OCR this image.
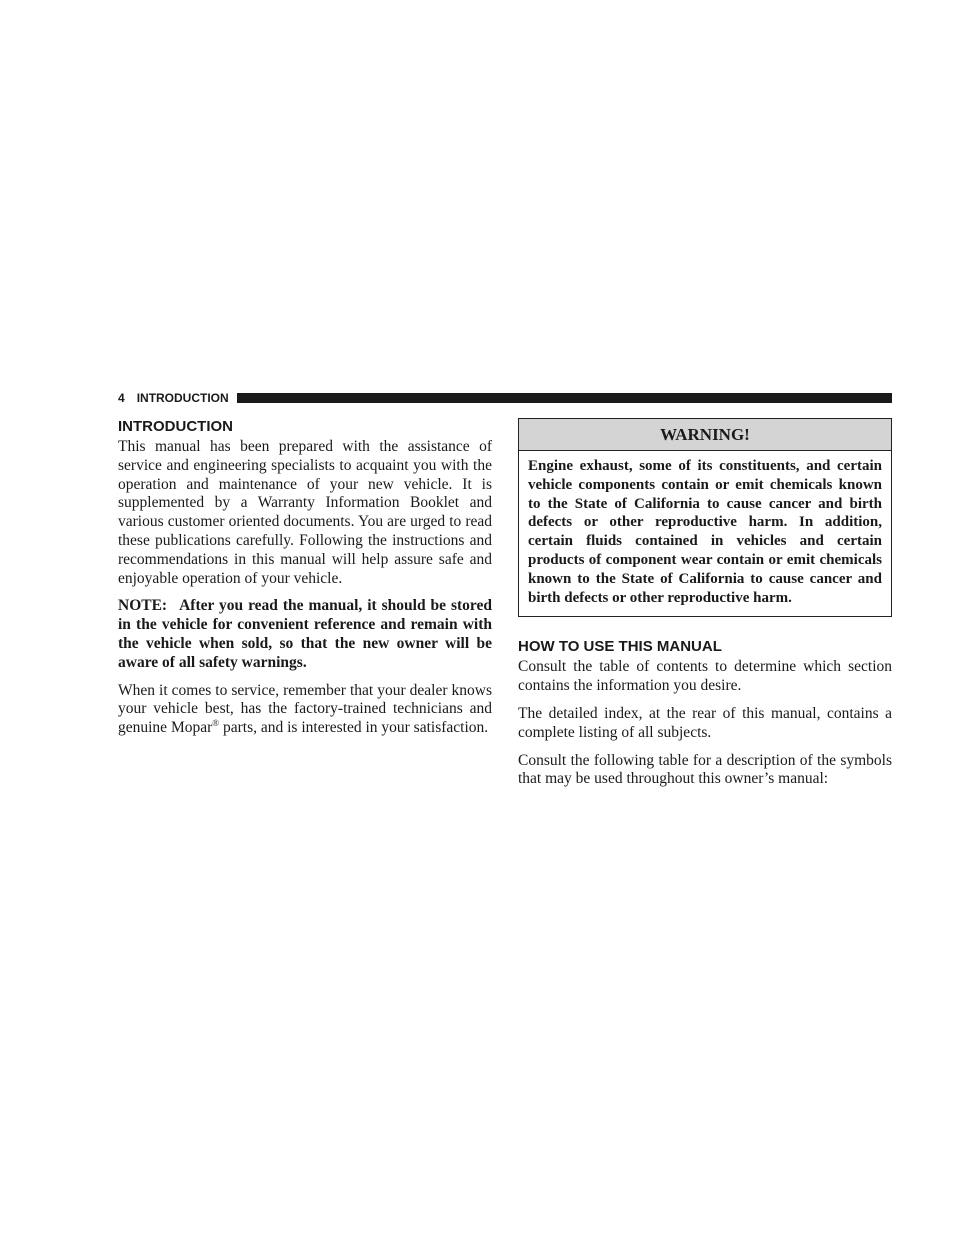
4 INTRODUCTION
INTRODUCTION

This manual has been prepared with the assistance of service and engineering specialists to acquaint you with the operation and maintenance of your new vehicle. It is supplemented by a Warranty Information Booklet and various customer oriented documents. You are urged to read these publications carefully. Following the instructions and recommendations in this manual will help assure safe and enjoyable operation of your vehicle.

NOTE: After you read the manual, it should be stored in the vehicle for convenient reference and remain with the vehicle when sold, so that the new owner will be aware of all safety warnings.

When it comes to service, remember that your dealer knows your vehicle best, has the factory-trained technicians and genuine Mopar® parts, and is interested in your satisfaction.

WARNING!
Engine exhaust, some of its constituents, and certain vehicle components contain or emit chemicals known to the State of California to cause cancer and birth defects or other reproductive harm. In addition, certain fluids contained in vehicles and certain products of component wear contain or emit chemicals known to the State of California to cause cancer and birth defects or other reproductive harm.
HOW TO USE THIS MANUAL

Consult the table of contents to determine which section contains the information you desire.

The detailed index, at the rear of this manual, contains a complete listing of all subjects.

Consult the following table for a description of the symbols that may be used throughout this owner’s manual:
